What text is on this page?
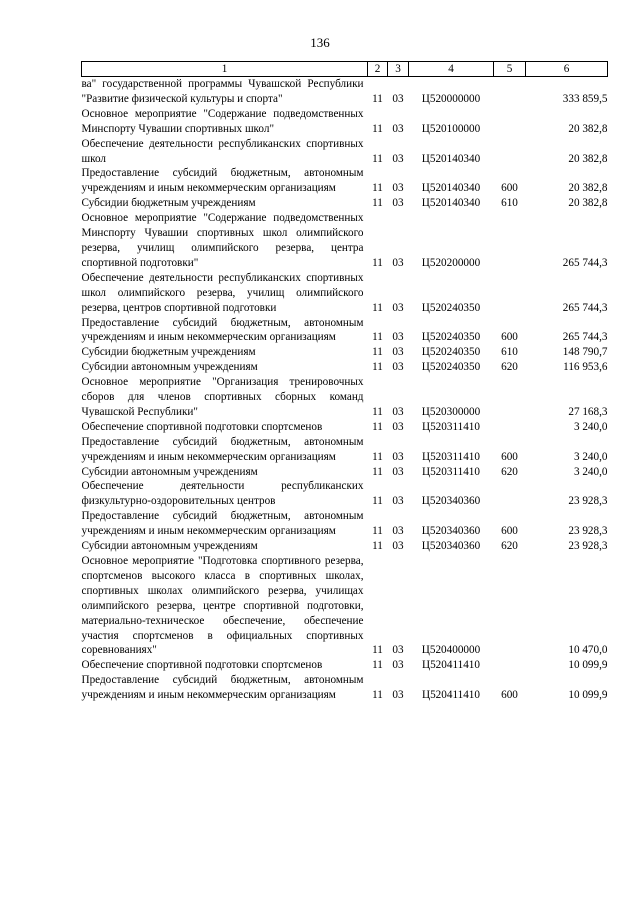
136
1	2	3	4	5	6

ва" государственной программы Чувашской Республики "Развитие физической культуры и спорта"	11	03	Ц520000000		333 859,5

Основное мероприятие "Содержание подведомственных Минспорту Чувашии спортивных школ"	11	03	Ц520100000		20 382,8

Обеспечение деятельности республиканских спортивных школ	11	03	Ц520140340		20 382,8

Предоставление субсидий бюджетным, автономным учреждениям и иным некоммерческим организациям	11	03	Ц520140340	600	20 382,8

Субсидии бюджетным учреждениям	11	03	Ц520140340	610	20 382,8

Основное мероприятие "Содержание подведомственных Минспорту Чувашии спортивных школ олимпийского резерва, училищ олимпийского резерва, центра спортивной подготовки"	11	03	Ц520200000		265 744,3

Обеспечение деятельности республиканских спортивных школ олимпийского резерва, училищ олимпийского резерва, центров спортивной подготовки	11	03	Ц520240350		265 744,3

Предоставление субсидий бюджетным, автономным учреждениям и иным некоммерческим организациям	11	03	Ц520240350	600	265 744,3

Субсидии бюджетным учреждениям	11	03	Ц520240350	610	148 790,7

Субсидии автономным учреждениям	11	03	Ц520240350	620	116 953,6

Основное мероприятие "Организация тренировочных сборов для членов спортивных сборных команд Чувашской Республики"	11	03	Ц520300000		27 168,3

Обеспечение спортивной подготовки спортсменов	11	03	Ц520311410		3 240,0

Предоставление субсидий бюджетным, автономным учреждениям и иным некоммерческим организациям	11	03	Ц520311410	600	3 240,0

Субсидии автономным учреждениям	11	03	Ц520311410	620	3 240,0

Обеспечение деятельности республиканских физкультурно-оздоровительных центров	11	03	Ц520340360		23 928,3

Предоставление субсидий бюджетным, автономным учреждениям и иным некоммерческим организациям	11	03	Ц520340360	600	23 928,3

Субсидии автономным учреждениям	11	03	Ц520340360	620	23 928,3

Основное мероприятие "Подготовка спортивного резерва, спортсменов высокого класса в спортивных школах, спортивных школах олимпийского резерва, училищах олимпийского резерва, центре спортивной подготовки, материально-техническое обеспечение, обеспечение участия спортсменов в официальных спортивных соревнованиях"	11	03	Ц520400000		10 470,0

Обеспечение спортивной подготовки спортсменов	11	03	Ц520411410		10 099,9

Предоставление субсидий бюджетным, автономным учреждениям и иным некоммерческим организациям	11	03	Ц520411410	600	10 099,9
